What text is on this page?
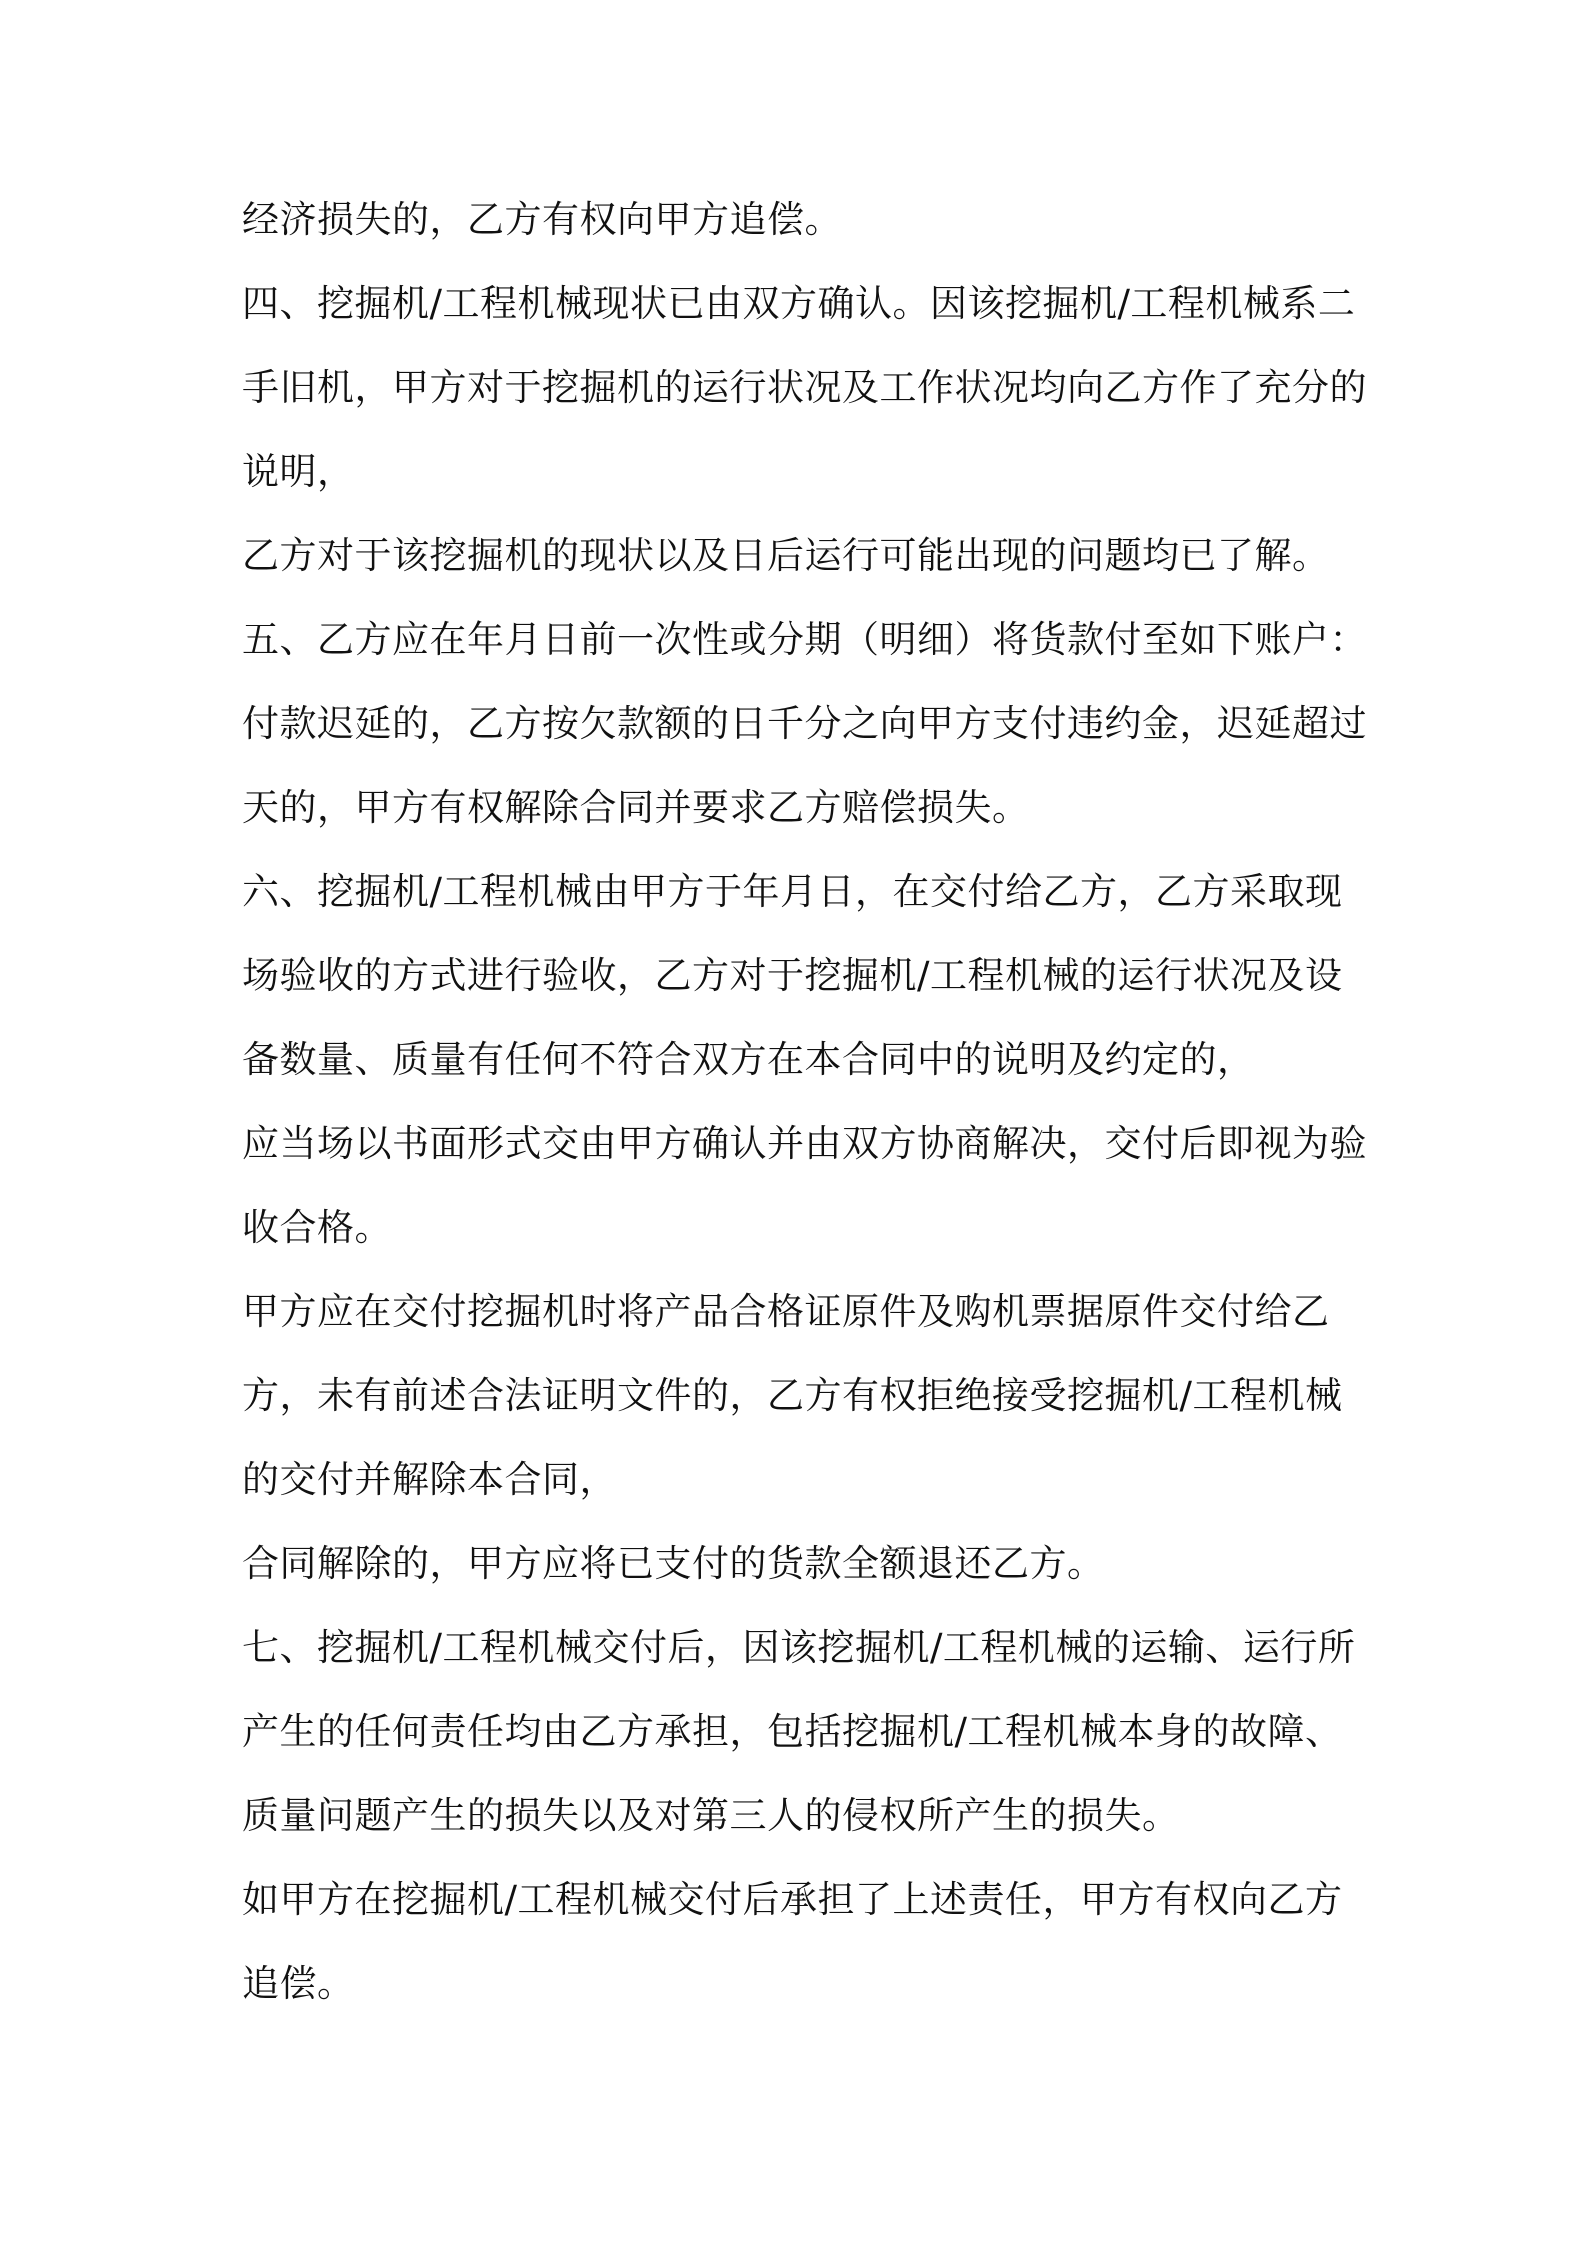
经济损失的，乙方有权向甲方追偿。
四、挖掘机/工程机械现状已由双方确认。因该挖掘机/工程机械系二
手旧机，甲方对于挖掘机的运行状况及工作状况均向乙方作了充分的
说明，
乙方对于该挖掘机的现状以及日后运行可能出现的问题均已了解。
五、乙方应在年月日前一次性或分期（明细）将货款付至如下账户：
付款迟延的，乙方按欠款额的日千分之向甲方支付违约金，迟延超过
天的，甲方有权解除合同并要求乙方赔偿损失。
六、挖掘机/工程机械由甲方于年月日，在交付给乙方，乙方采取现
场验收的方式进行验收，乙方对于挖掘机/工程机械的运行状况及设
备数量、质量有任何不符合双方在本合同中的说明及约定的，
应当场以书面形式交由甲方确认并由双方协商解决，交付后即视为验
收合格。
甲方应在交付挖掘机时将产品合格证原件及购机票据原件交付给乙
方，未有前述合法证明文件的，乙方有权拒绝接受挖掘机/工程机械
的交付并解除本合同，
合同解除的，甲方应将已支付的货款全额退还乙方。
七、挖掘机/工程机械交付后，因该挖掘机/工程机械的运输、运行所
产生的任何责任均由乙方承担，包括挖掘机/工程机械本身的故障、
质量问题产生的损失以及对第三人的侵权所产生的损失。
如甲方在挖掘机/工程机械交付后承担了上述责任，甲方有权向乙方
追偿。
